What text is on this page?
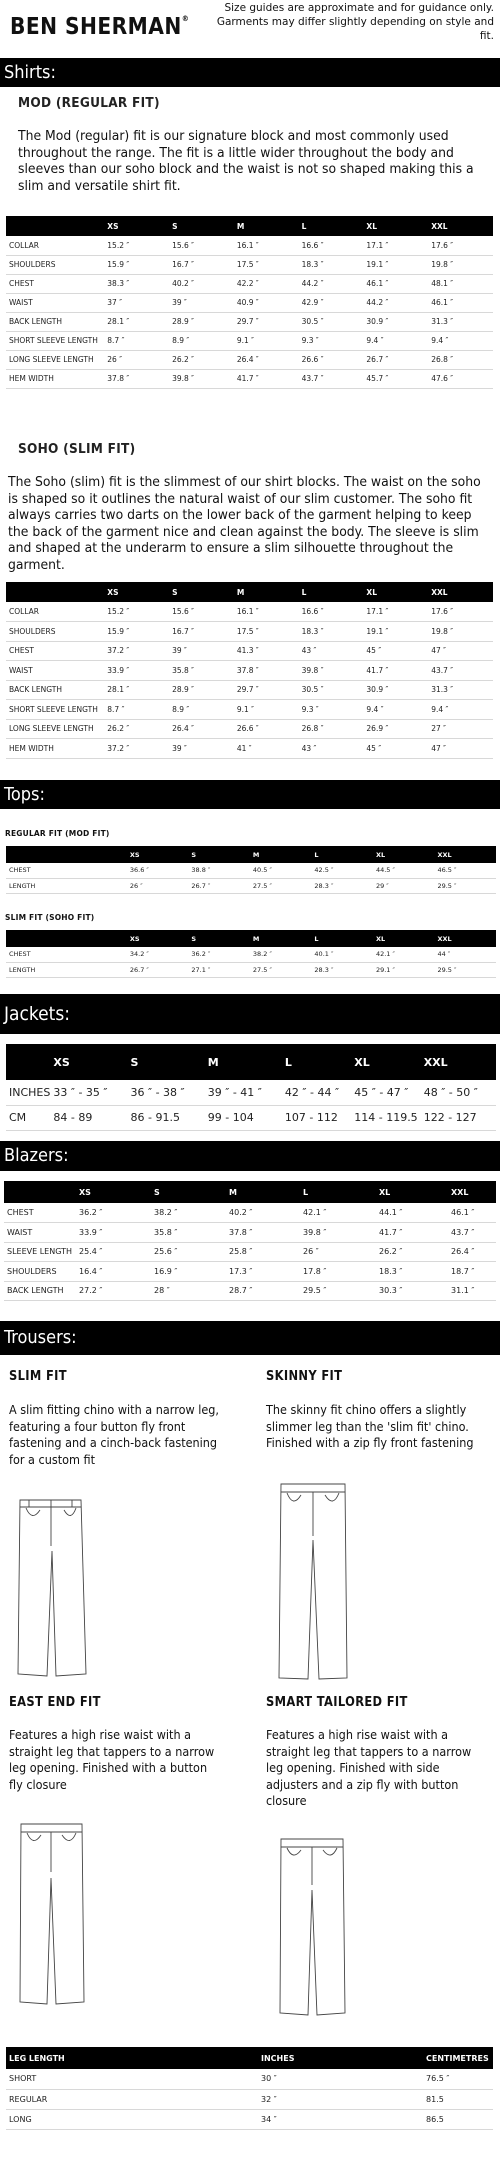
BEN SHERMAN®
Size guides are approximate and for guidance only.
Garments may differ slightly depending on style and fit.
Shirts:
MOD (REGULAR FIT)
The Mod (regular) fit is our signature block and most commonly used throughout the range. The fit is a little wider throughout the body and sleeves than our soho block and the waist is not so shaped making this a slim and versatile shirt fit.
	XS	S	M	L	XL	XXL
COLLAR	15.2 ″	15.6 ″	16.1 ″	16.6 ″	17.1 ″	17.6 ″
SHOULDERS	15.9 ″	16.7 ″	17.5 ″	18.3 ″	19.1 ″	19.8 ″
CHEST	38.3 ″	40.2 ″	42.2 ″	44.2 ″	46.1 ″	48.1 ″
WAIST	37 ″	39 ″	40.9 ″	42.9 ″	44.2 ″	46.1 ″
BACK LENGTH	28.1 ″	28.9 ″	29.7 ″	30.5 ″	30.9 ″	31.3 ″
SHORT SLEEVE LENGTH	8.7 ″	8.9 ″	9.1 ″	9.3 ″	9.4 ″	9.4 ″
LONG SLEEVE LENGTH	26 ″	26.2 ″	26.4 ″	26.6 ″	26.7 ″	26.8 ″
HEM WIDTH	37.8 ″	39.8 ″	41.7 ″	43.7 ″	45.7 ″	47.6 ″
SOHO (SLIM FIT)
The Soho (slim) fit is the slimmest of our shirt blocks. The waist on the soho is shaped so it outlines the natural waist of our slim customer. The soho fit always carries two darts on the lower back of the garment helping to keep the back of the garment nice and clean against the body. The sleeve is slim and shaped at the underarm to ensure a slim silhouette throughout the garment.
	XS	S	M	L	XL	XXL
COLLAR	15.2 ″	15.6 ″	16.1 ″	16.6 ″	17.1 ″	17.6 ″
SHOULDERS	15.9 ″	16.7 ″	17.5 ″	18.3 ″	19.1 ″	19.8 ″
CHEST	37.2 ″	39 ″	41.3 ″	43 ″	45 ″	47 ″
WAIST	33.9 ″	35.8 ″	37.8 ″	39.8 ″	41.7 ″	43.7 ″
BACK LENGTH	28.1 ″	28.9 ″	29.7 ″	30.5 ″	30.9 ″	31.3 ″
SHORT SLEEVE LENGTH	8.7 ″	8.9 ″	9.1 ″	9.3 ″	9.4 ″	9.4 ″
LONG SLEEVE LENGTH	26.2 ″	26.4 ″	26.6 ″	26.8 ″	26.9 ″	27 ″
HEM WIDTH	37.2 ″	39 ″	41 ″	43 ″	45 ″	47 ″
Tops:
REGULAR FIT (MOD FIT)
	XS	S	M	L	XL	XXL
CHEST	36.6 ″	38.8 ″	40.5 ″	42.5 ″	44.5 ″	46.5 ″
LENGTH	26 ″	26.7 ″	27.5 ″	28.3 ″	29 ″	29.5 ″
SLIM FIT (SOHO FIT)
	XS	S	M	L	XL	XXL
CHEST	34.2 ″	36.2 ″	38.2 ″	40.1 ″	42.1 ″	44 ″
LENGTH	26.7 ″	27.1 ″	27.5 ″	28.3 ″	29.1 ″	29.5 ″
Jackets:
	XS	S	M	L	XL	XXL
INCHES	33 ″ - 35 ″	36 ″ - 38 ″	39 ″ - 41 ″	42 ″ - 44 ″	45 ″ - 47 ″	48 ″ - 50 ″
CM	84 - 89	86 - 91.5	99 - 104	107 - 112	114 - 119.5	122 - 127
Blazers:
	XS	S	M	L	XL	XXL
CHEST	36.2 ″	38.2 ″	40.2 ″	42.1 ″	44.1 ″	46.1 ″
WAIST	33.9 ″	35.8 ″	37.8 ″	39.8 ″	41.7 ″	43.7 ″
SLEEVE LENGTH	25.4 ″	25.6 ″	25.8 ″	26 ″	26.2 ″	26.4 ″
SHOULDERS	16.4 ″	16.9 ″	17.3 ″	17.8 ″	18.3 ″	18.7 ″
BACK LENGTH	27.2 ″	28 ″	28.7 ″	29.5 ″	30.3 ″	31.1 ″
Trousers:
SLIM FIT
A slim fitting chino with a narrow leg, featuring a four button fly front fastening and a cinch-back fastening for a custom fit
SKINNY FIT
The skinny fit chino offers a slightly slimmer leg than the 'slim fit' chino. Finished with a zip fly front fastening
EAST END FIT
Features a high rise waist with a straight leg that tappers to a narrow leg opening. Finished with a button fly closure
SMART TAILORED FIT
Features a high rise waist with a straight leg that tappers to a narrow leg opening. Finished with side adjusters and a zip fly with button closure
LEG LENGTH	INCHES	CENTIMETRES
SHORT	30 ″	76.5 ″
REGULAR	32 ″	81.5
LONG	34 ″	86.5
